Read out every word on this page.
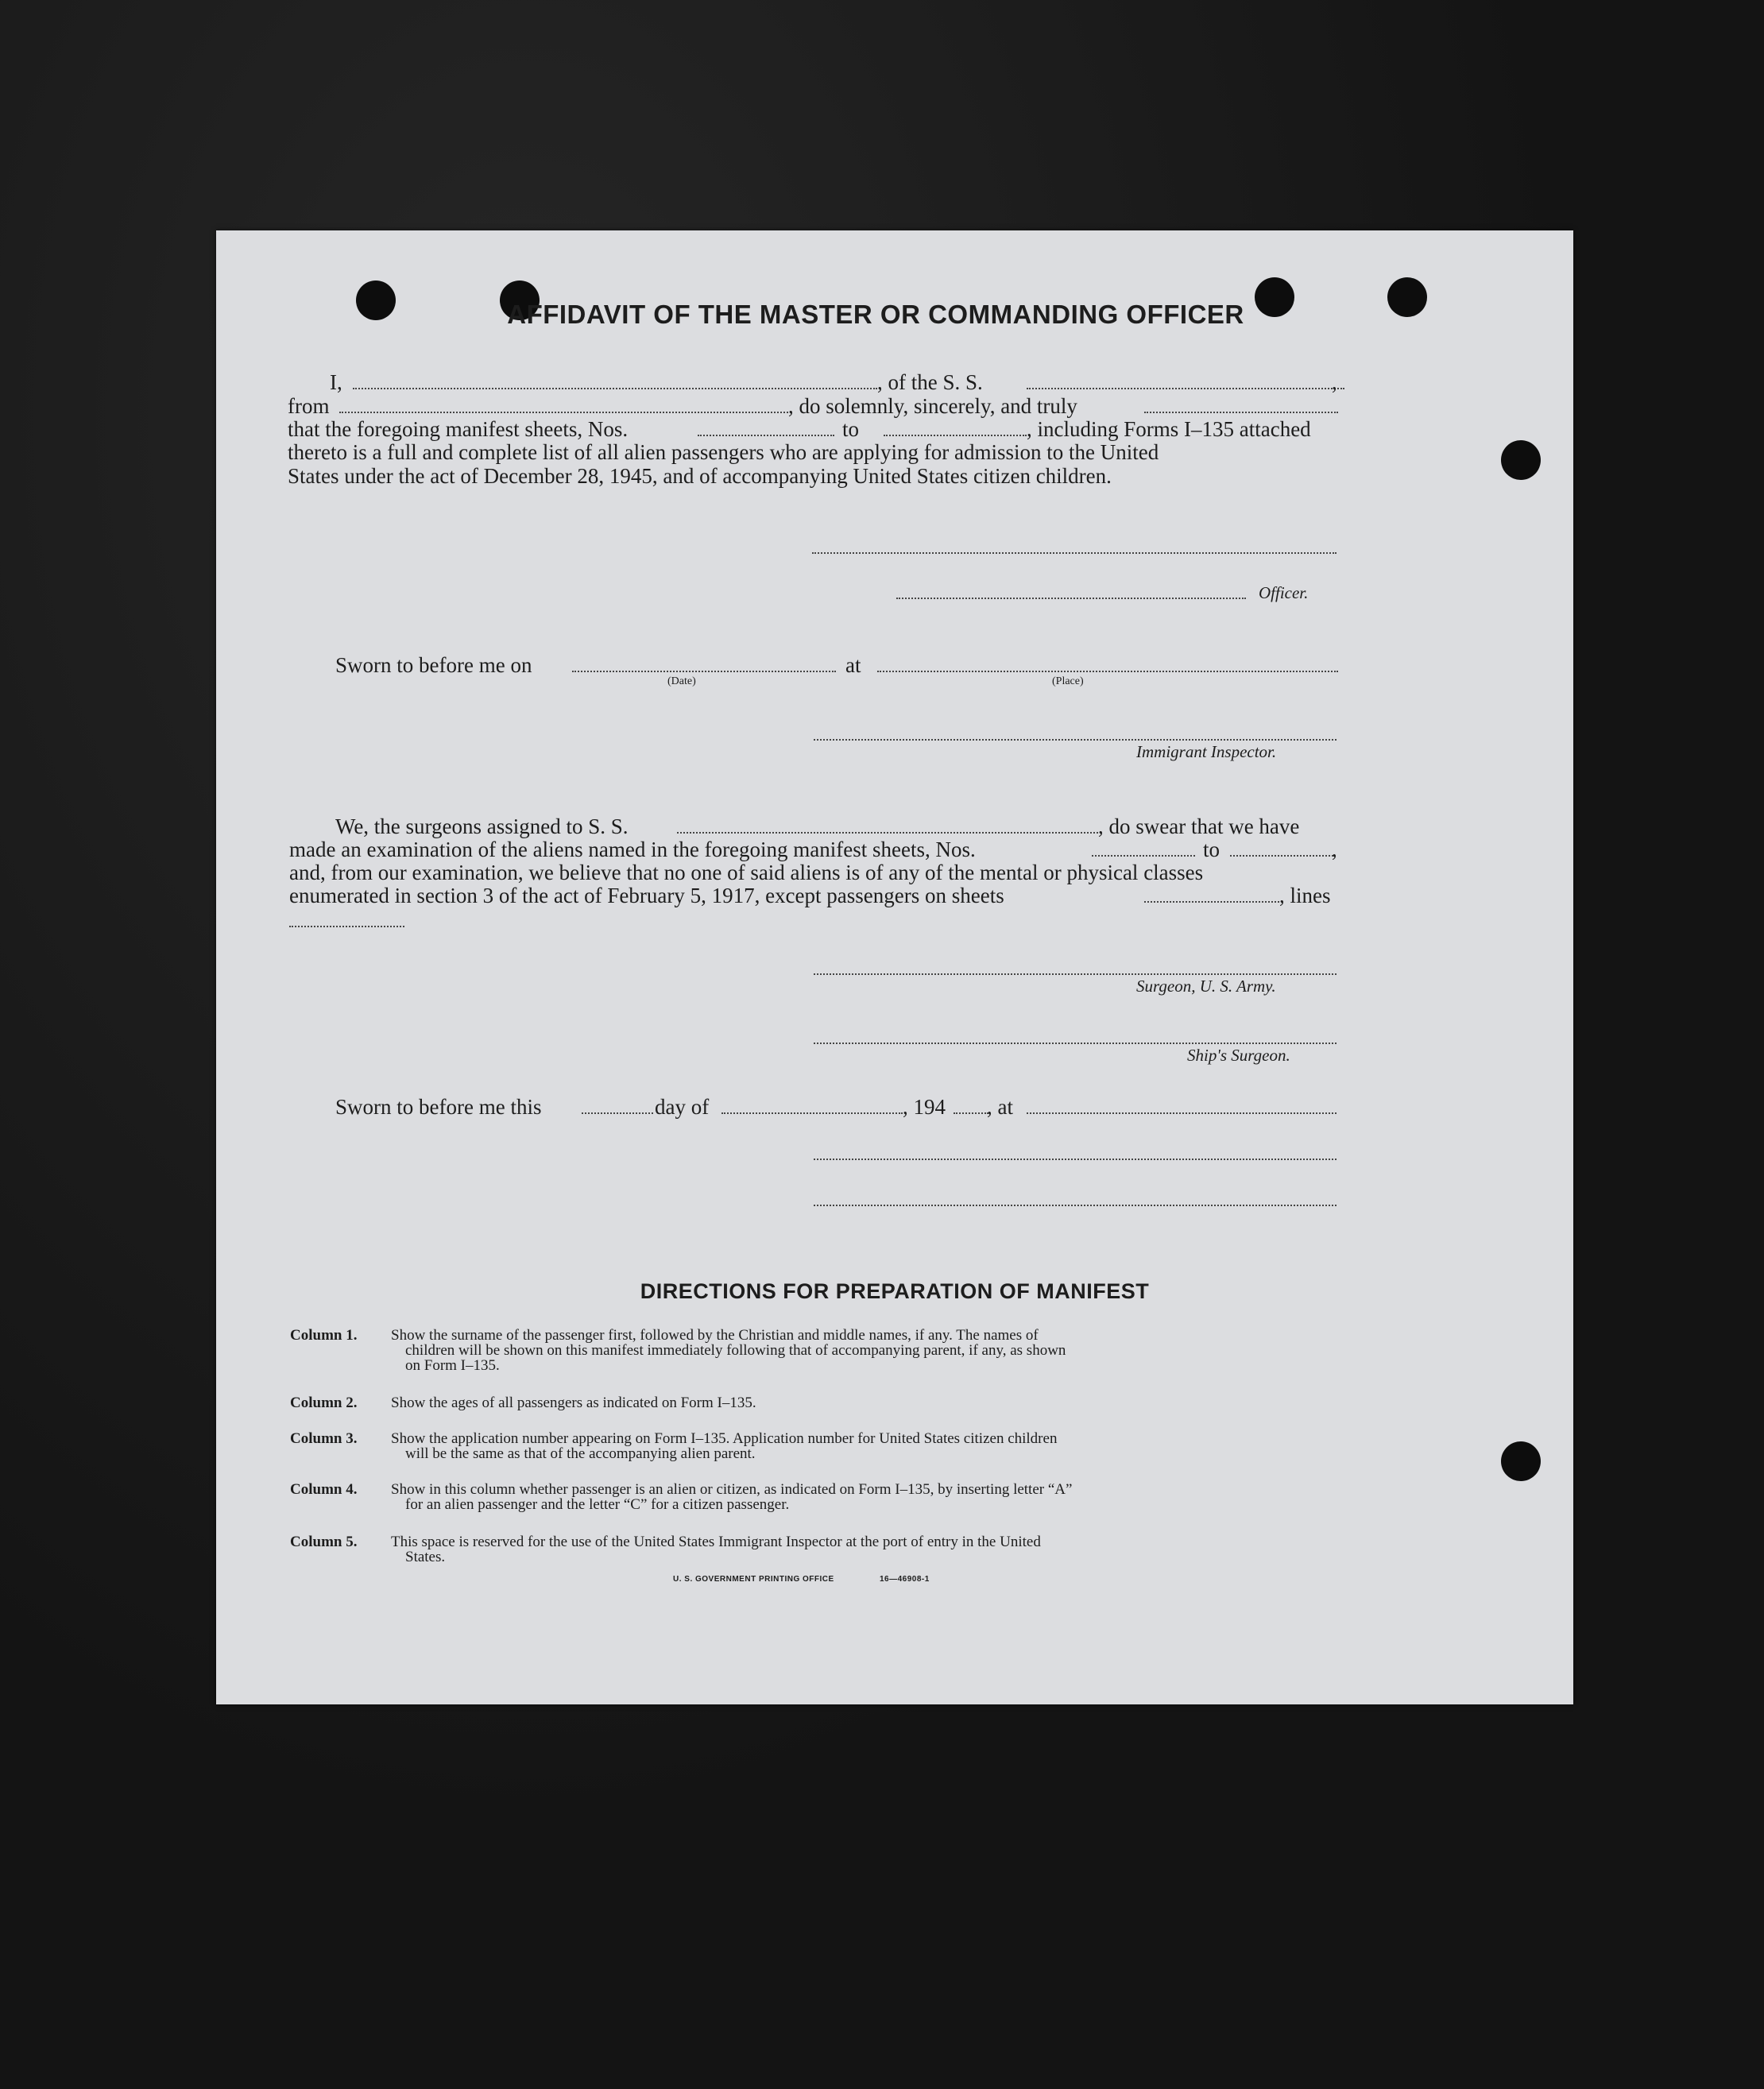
AFFIDAVIT OF THE MASTER OR COMMANDING OFFICER
I,	, of the S. S.	,
from	, do solemnly, sincerely, and truly
that the foregoing manifest sheets, Nos.	to	, including Forms I–135 attached
thereto is a full and complete list of all alien passengers who are applying for admission to the United
States under the act of December 28, 1945, and of accompanying United States citizen children.
Officer.
Sworn to before me on	at
(Date)	(Place)
Immigrant Inspector.
We, the surgeons assigned to S. S.	, do swear that we have
made an examination of the aliens named in the foregoing manifest sheets, Nos.	to	,
and, from our examination, we believe that no one of said aliens is of any of the mental or physical classes
enumerated in section 3 of the act of February 5, 1917, except passengers on sheets	, lines
Surgeon, U. S. Army.
Ship's Surgeon.
Sworn to before me this	day of	, 194 , at
DIRECTIONS FOR PREPARATION OF MANIFEST
Column 1. Show the surname of the passenger first, followed by the Christian and middle names, if any. The names of
children will be shown on this manifest immediately following that of accompanying parent, if any, as shown
on Form I–135.
Column 2. Show the ages of all passengers as indicated on Form I–135.
Column 3. Show the application number appearing on Form I–135. Application number for United States citizen children
will be the same as that of the accompanying alien parent.
Column 4. Show in this column whether passenger is an alien or citizen, as indicated on Form I–135, by inserting letter “A”
for an alien passenger and the letter “C” for a citizen passenger.
Column 5. This space is reserved for the use of the United States Immigrant Inspector at the port of entry in the United
States.
U. S. GOVERNMENT PRINTING OFFICE	16—46908-1
